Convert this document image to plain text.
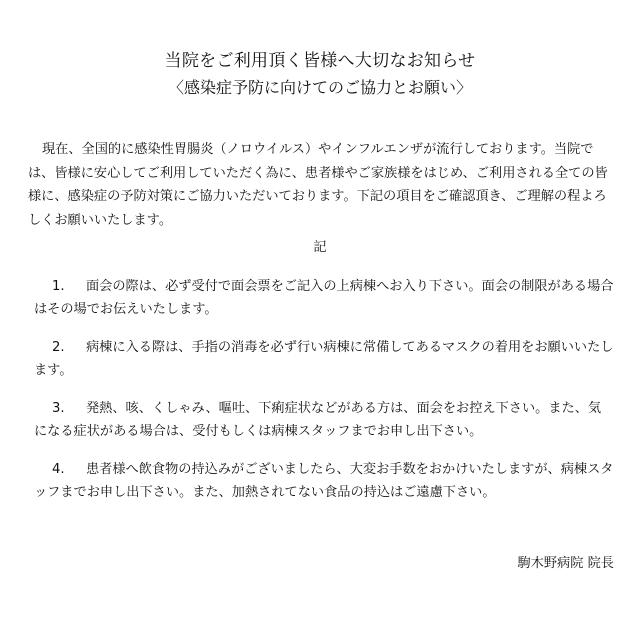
当院をご利用頂く皆様へ大切なお知らせ
〈感染症予防に向けてのご協力とお願い〉

現在、全国的に感染性胃腸炎（ノロウイルス）やインフルエンザが流行しております。当院では、皆様に安心してご利用していただく為に、患者様やご家族様をはじめ、ご利用される全ての皆様に、感染症の予防対策にご協力いただいております。下記の項目をご確認頂き、ご理解の程よろしくお願いいたします。

記

1. 面会の際は、必ず受付で面会票をご記入の上病棟へお入り下さい。面会の制限がある場合はその場でお伝えいたします。

2. 病棟に入る際は、手指の消毒を必ず行い病棟に常備してあるマスクの着用をお願いいたします。

3. 発熱、咳、くしゃみ、嘔吐、下痢症状などがある方は、面会をお控え下さい。また、気になる症状がある場合は、受付もしくは病棟スタッフまでお申し出下さい。

4. 患者様へ飲食物の持込みがございましたら、大変お手数をおかけいたしますが、病棟スタッフまでお申し出下さい。また、加熱されてない食品の持込はご遠慮下さい。

駒木野病院 院長
